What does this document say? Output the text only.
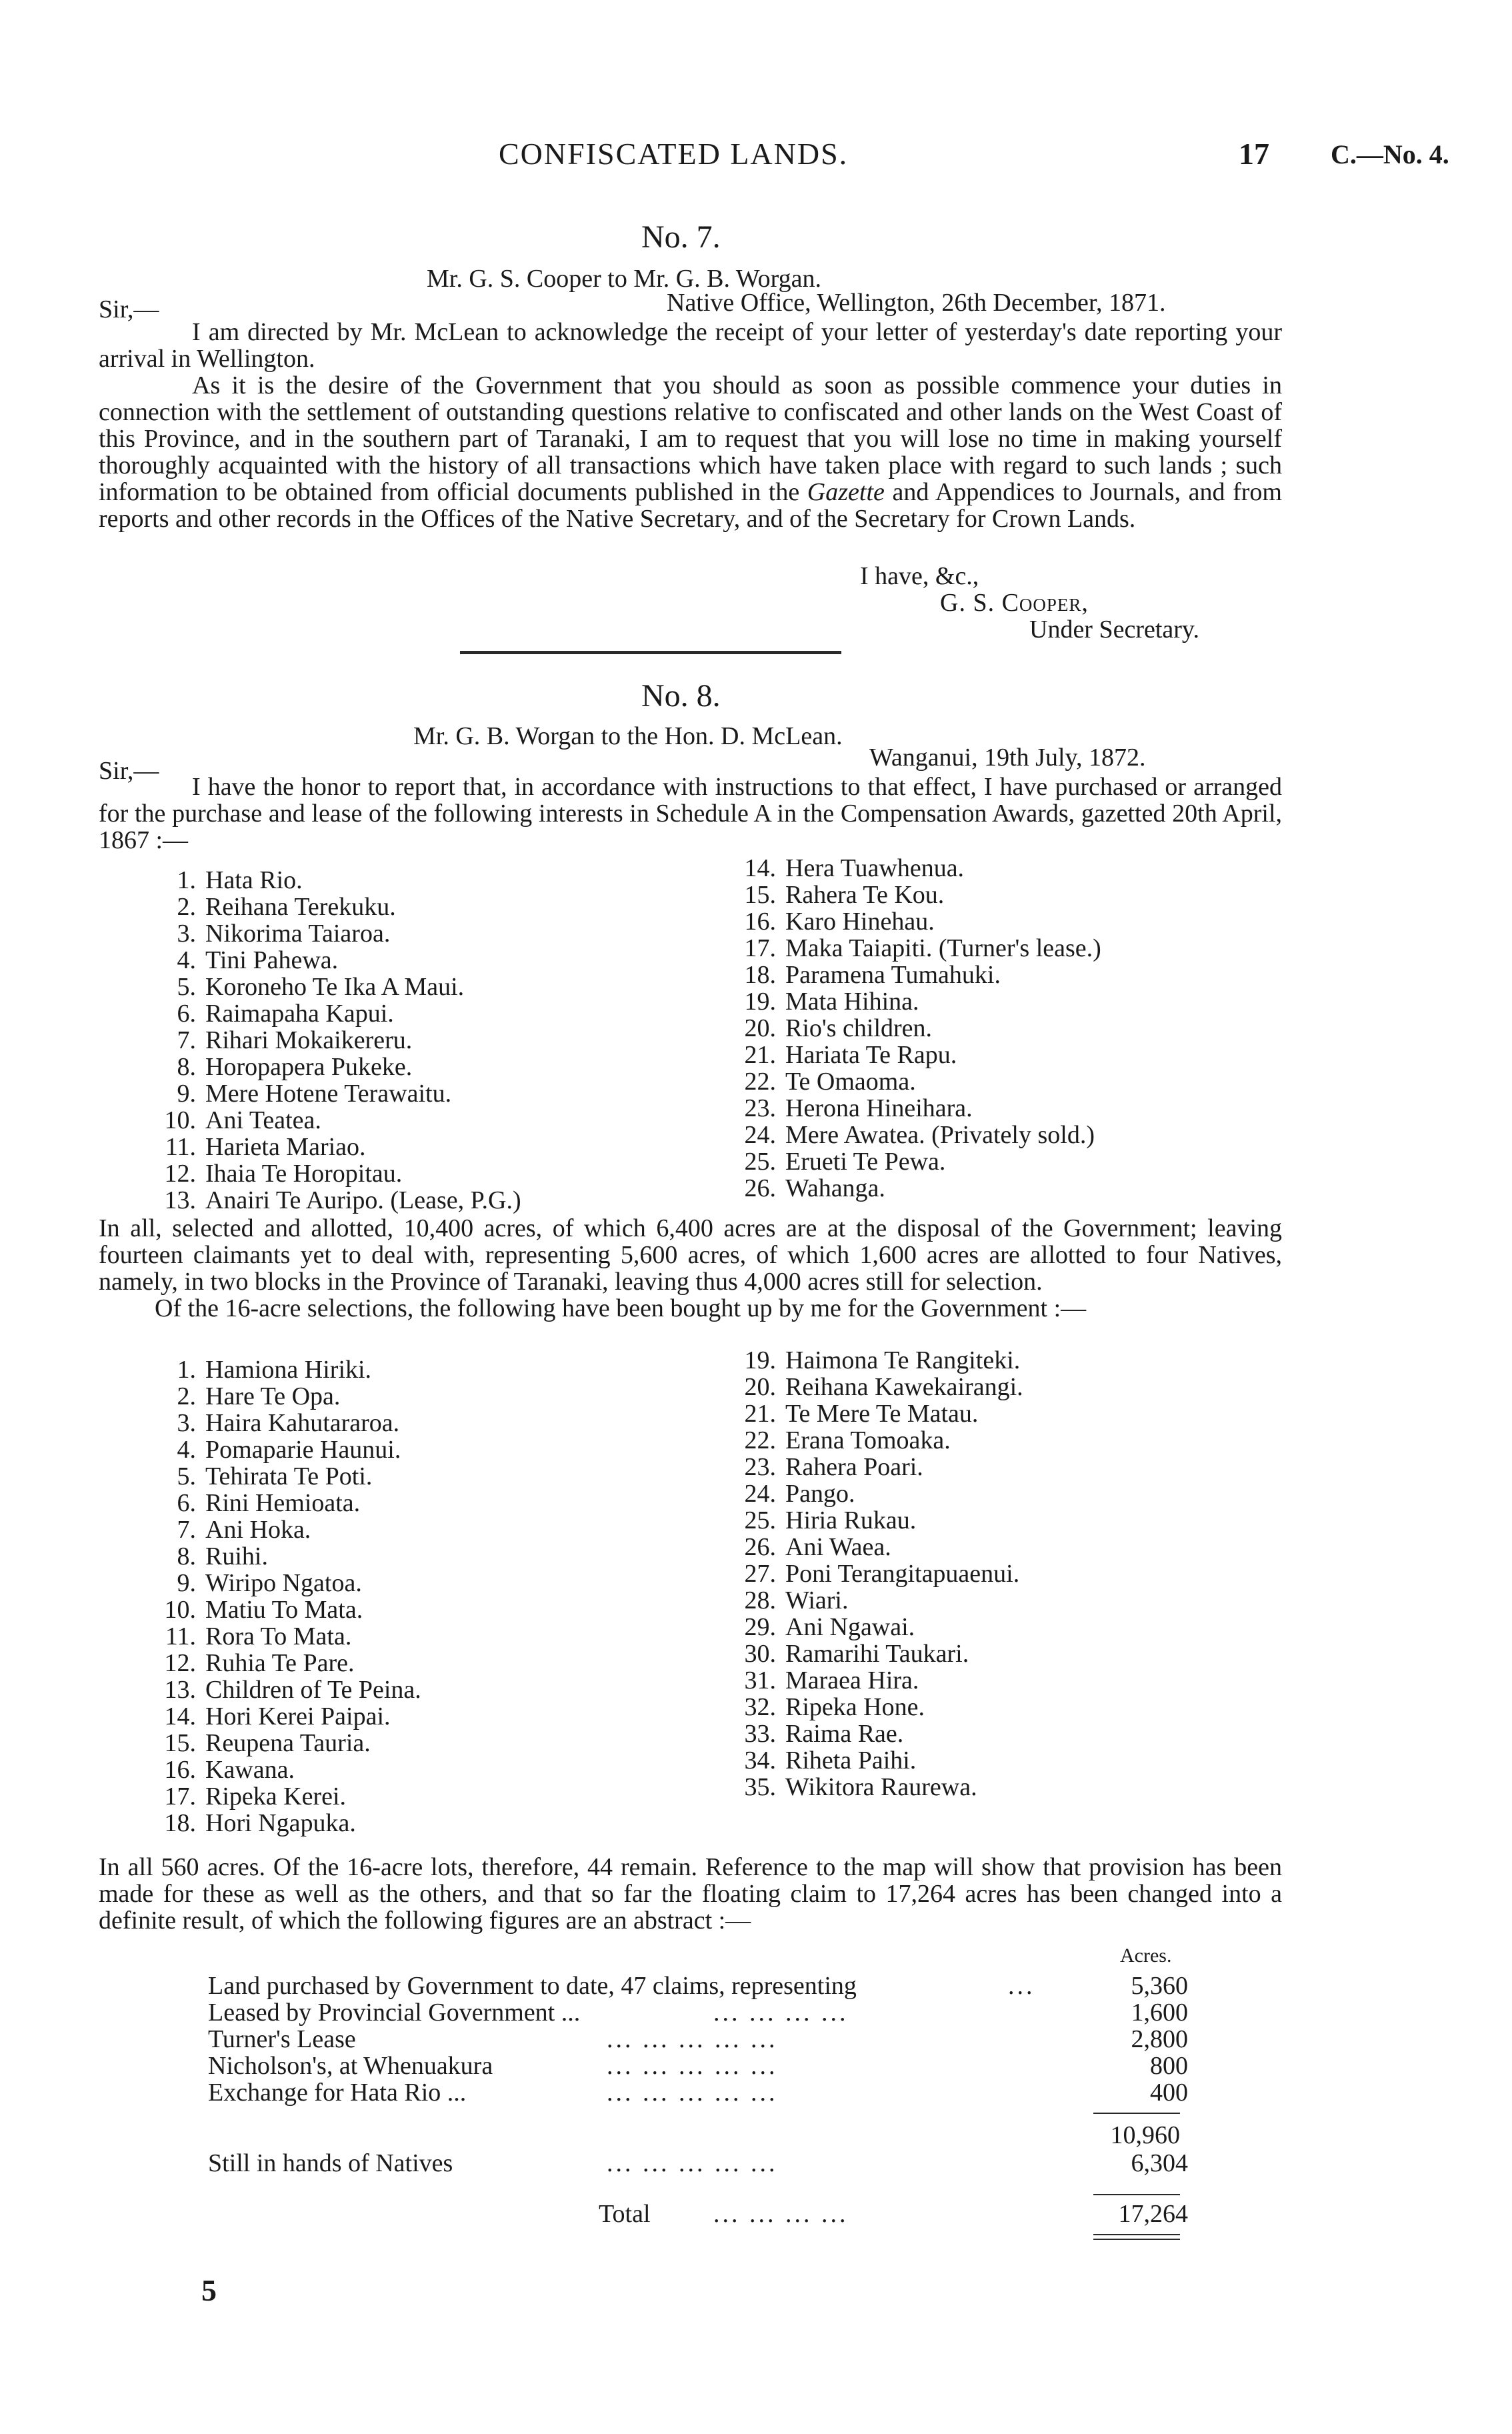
CONFISCATED LANDS.	17 C.—No. 4.
No. 7.
Mr. G. S. Cooper to Mr. G. B. Worgan.
Sir,—	Native Office, Wellington, 26th December, 1871.

I am directed by Mr. McLean to acknowledge the receipt of your letter of yesterday's date reporting your arrival in Wellington.

As it is the desire of the Government that you should as soon as possible commence your duties in connection with the settlement of outstanding questions relative to confiscated and other lands on the West Coast of this Province, and in the southern part of Taranaki, I am to request that you will lose no time in making yourself thoroughly acquainted with the history of all transactions which have taken place with regard to such lands ; such information to be obtained from official documents published in the Gazette and Appendices to Journals, and from reports and other records in the Offices of the Native Secretary, and of the Secretary for Crown Lands.

I have, &c.,
G. S. Cooper,
Under Secretary.
No. 8.
Mr. G. B. Worgan to the Hon. D. McLean.
Wanganui, 19th July, 1872.
Sir,—

I have the honor to report that, in accordance with instructions to that effect, I have purchased or arranged for the purchase and lease of the following interests in Schedule A in the Compensation Awards, gazetted 20th April, 1867 :—

1. Hata Rio.
2. Reihana Terekuku.
3. Nikorima Taiaroa.
4. Tini Pahewa.
5. Koroneho Te Ika A Maui.
6. Raimapaha Kapui.
7. Rihari Mokaikereru.
8. Horopapera Pukeke.
9. Mere Hotene Terawaitu.
10. Ani Teatea.
11. Harieta Mariao.
12. Ihaia Te Horopitau.
13. Anairi Te Auripo. (Lease, P.G.)
14. Hera Tuawhenua.
15. Rahera Te Kou.
16. Karo Hinehau.
17. Maka Taiapiti. (Turner's lease.)
18. Paramena Tumahuki.
19. Mata Hihina.
20. Rio's children.
21. Hariata Te Rapu.
22. Te Omaoma.
23. Herona Hineihara.
24. Mere Awatea. (Privately sold.)
25. Erueti Te Pewa.
26. Wahanga.

In all, selected and allotted, 10,400 acres, of which 6,400 acres are at the disposal of the Government; leaving fourteen claimants yet to deal with, representing 5,600 acres, of which 1,600 acres are allotted to four Natives, namely, in two blocks in the Province of Taranaki, leaving thus 4,000 acres still for selection.

Of the 16-acre selections, the following have been bought up by me for the Government :—

1. Hamiona Hiriki.
2. Hare Te Opa.
3. Haira Kahutararoa.
4. Pomaparie Haunui.
5. Tehirata Te Poti.
6. Rini Hemioata.
7. Ani Hoka.
8. Ruihi.
9. Wiripo Ngatoa.
10. Matiu To Mata.
11. Rora To Mata.
12. Ruhia Te Pare.
13. Children of Te Peina.
14. Hori Kerei Paipai.
15. Reupena Tauria.
16. Kawana.
17. Ripeka Kerei.
18. Hori Ngapuka.
19. Haimona Te Rangiteki.
20. Reihana Kawekairangi.
21. Te Mere Te Matau.
22. Erana Tomoaka.
23. Rahera Poari.
24. Pango.
25. Hiria Rukau.
26. Ani Waea.
27. Poni Terangitapuaenui.
28. Wiari.
29. Ani Ngawai.
30. Ramarihi Taukari.
31. Maraea Hira.
32. Ripeka Hone.
33. Raima Rae.
34. Riheta Paihi.
35. Wikitora Raurewa.

In all 560 acres. Of the 16-acre lots, therefore, 44 remain. Reference to the map will show that provision has been made for these as well as the others, and that so far the floating claim to 17,264 acres has been changed into a definite result, of which the following figures are an abstract :—

Acres.
Land purchased by Government to date, 47 claims, representing	...	5,360
Leased by Provincial Government ...	... ... ... ...	1,600
Turner's Lease	... ... ... ... ...	2,800
Nicholson's, at Whenuakura	... ... ... ... ...	800
Exchange for Hata Rio ...	... ... ... ... ...	400
10,960
Still in hands of Natives	... ... ... ... ...	6,304
Total ... ... ... ...	17,264
5
